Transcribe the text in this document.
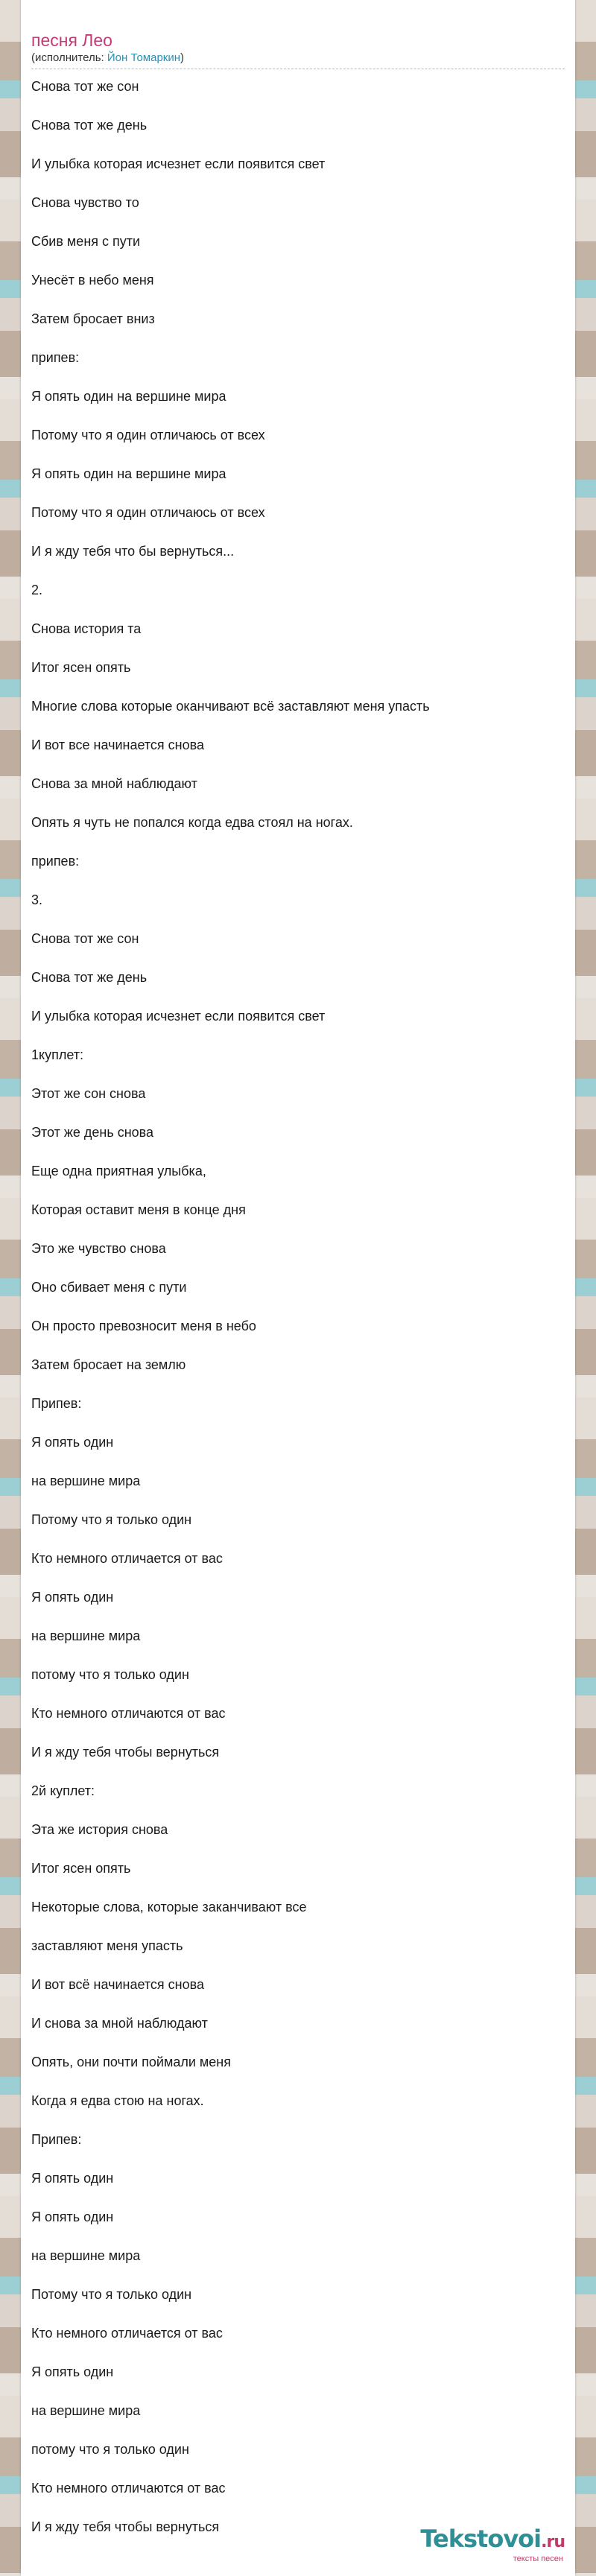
песня Лео
(исполнитель: Йон Томаркин)
Снова тот же сон
Снова тот же день
И улыбка которая исчезнет если появится свет
Снова чувство то
Сбив меня с пути
Унесёт в небо меня
Затем бросает вниз
припев:
Я опять один на вершине мира
Потому что я один отличаюсь от всех
Я опять один на вершине мира
Потому что я один отличаюсь от всех
И я жду тебя что бы вернуться...
2.
Снова история та
Итог ясен опять
Многие слова которые оканчивают всё заставляют меня упасть
И вот все начинается снова
Снова за мной наблюдают
Опять я чуть не попался когда едва стоял на ногах.
припев:
3.
Снова тот же сон
Снова тот же день
И улыбка которая исчезнет если появится свет
1куплет:
Этот же сон снова
Этот же день снова
Еще одна приятная улыбка,
Которая оставит меня в конце дня
Это же чувство снова
Оно сбивает меня с пути
Он просто превозносит меня в небо
Затем бросает на землю
Припев:
Я опять один
на вершине мира
Потому что я только один
Кто немного отличается от вас
Я опять один
на вершине мира
потому что я только один
Кто немного отличаются от вас
И я жду тебя чтобы вернуться
2й куплет:
Эта же история снова
Итог ясен опять
Некоторые слова, которые заканчивают все
заставляют меня упасть
И вот всё начинается снова
И снова за мной наблюдают
Опять, они почти поймали меня
Когда я едва стою на ногах.
Припев:
Я опять один
Я опять один
на вершине мира
Потому что я только один
Кто немного отличается от вас
Я опять один
на вершине мира
потому что я только один
Кто немного отличаются от вас
И я жду тебя чтобы вернуться	Tekstovoi.ru
тексты песен
